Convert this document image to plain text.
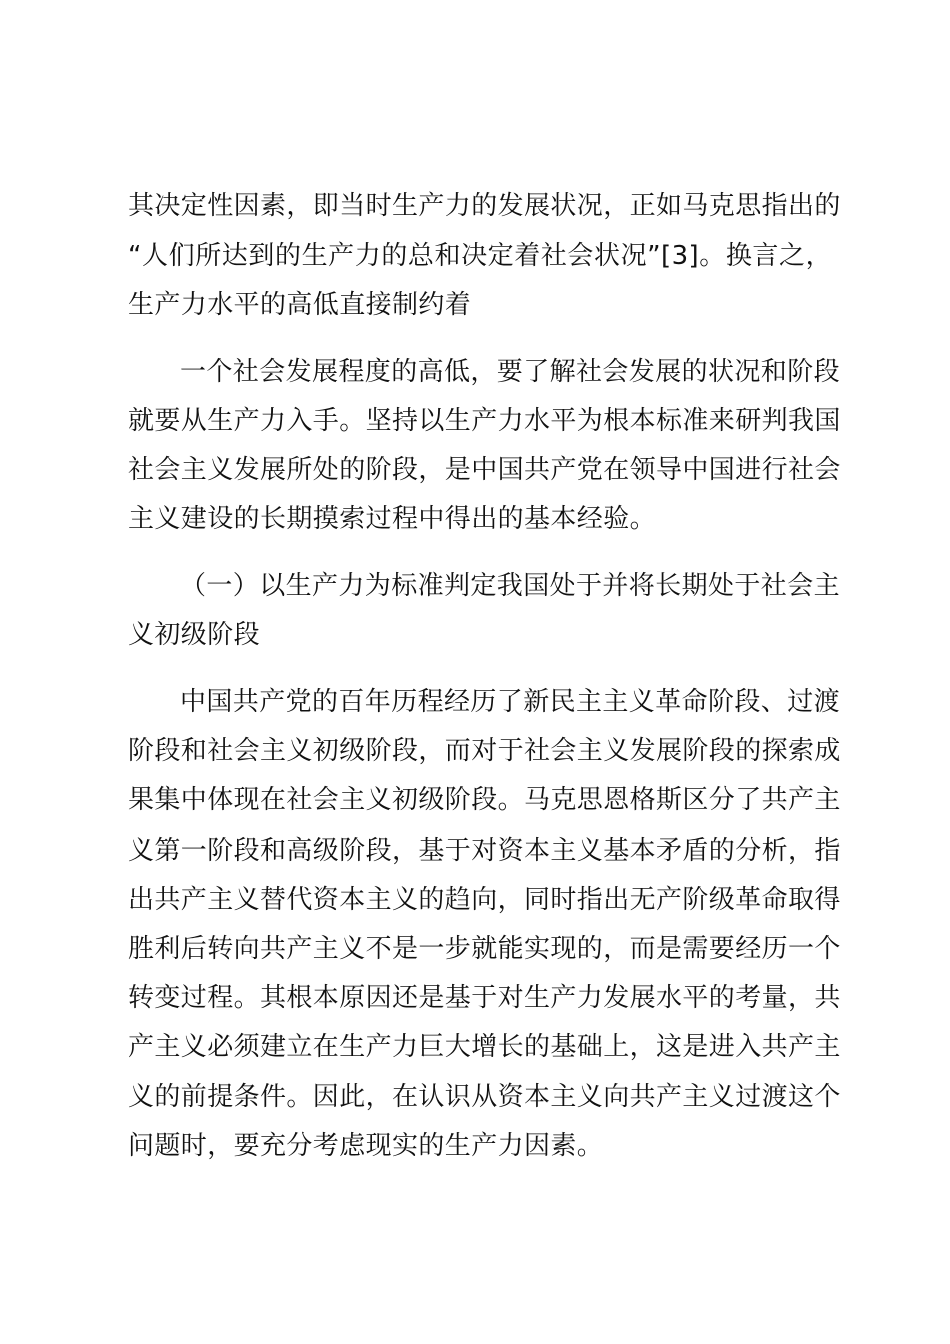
其决定性因素，即当时生产力的发展状况，正如马克思指出的
“人们所达到的生产力的总和决定着社会状况”[3]。换言之，
生产力水平的高低直接制约着
一个社会发展程度的高低，要了解社会发展的状况和阶段
就要从生产力入手。坚持以生产力水平为根本标准来研判我国
社会主义发展所处的阶段，是中国共产党在领导中国进行社会
主义建设的长期摸索过程中得出的基本经验。
（一）以生产力为标准判定我国处于并将长期处于社会主
义初级阶段
中国共产党的百年历程经历了新民主主义革命阶段、过渡
阶段和社会主义初级阶段，而对于社会主义发展阶段的探索成
果集中体现在社会主义初级阶段。马克思恩格斯区分了共产主
义第一阶段和高级阶段，基于对资本主义基本矛盾的分析，指
出共产主义替代资本主义的趋向，同时指出无产阶级革命取得
胜利后转向共产主义不是一步就能实现的，而是需要经历一个
转变过程。其根本原因还是基于对生产力发展水平的考量，共
产主义必须建立在生产力巨大增长的基础上，这是进入共产主
义的前提条件。因此，在认识从资本主义向共产主义过渡这个
问题时，要充分考虑现实的生产力因素。
